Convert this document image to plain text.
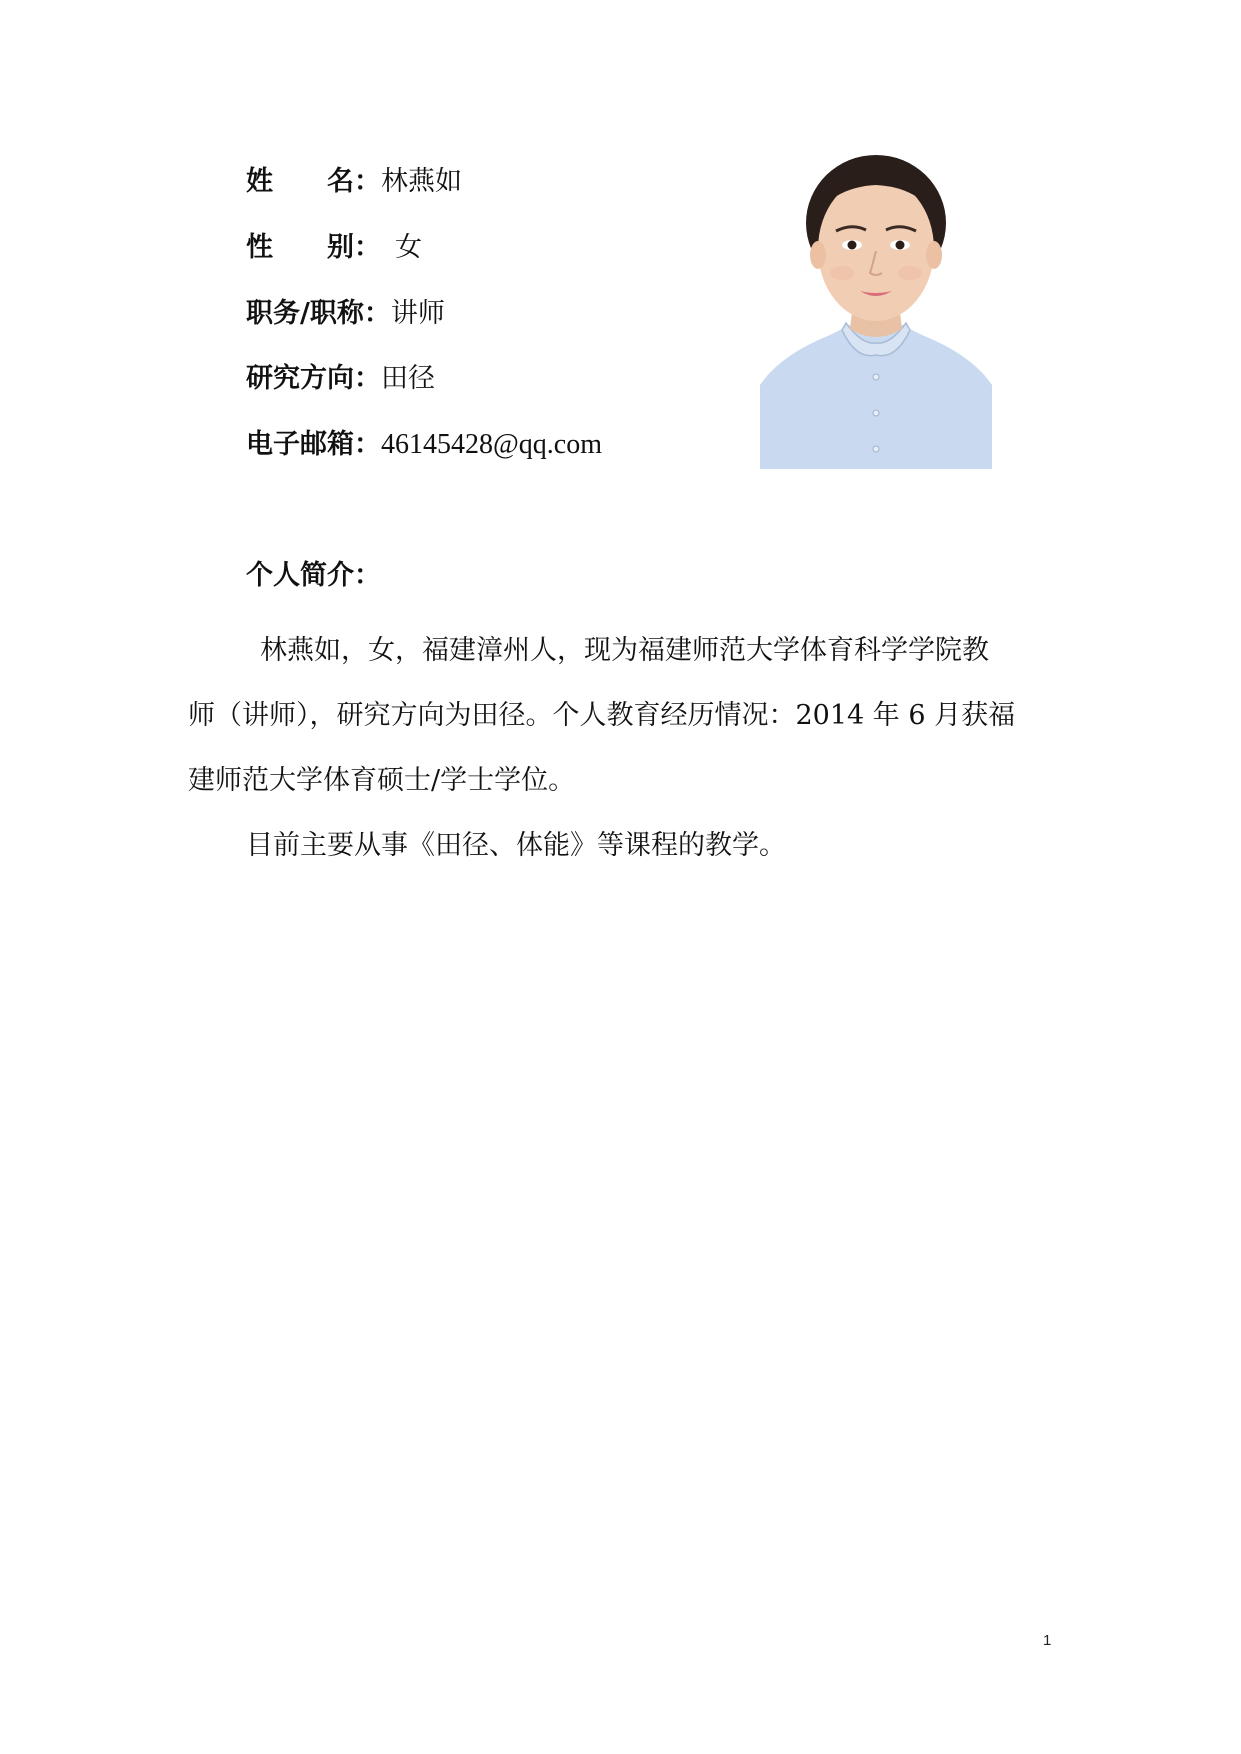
姓　　名 ： 林燕如
性　　别 ： 女
职务/职称 ： 讲师
研究方向 ： 田径
电子邮箱 ： 46145428@qq.com
个人简介：

林燕如，女，福建漳州人，现为福建师范大学体育科学学院教

师（讲师），研究方向为田径。个人教育经历情况：2014 年 6 月获福

建师范大学体育硕士/学士学位。

目前主要从事《田径、体能》等课程的教学。

1
